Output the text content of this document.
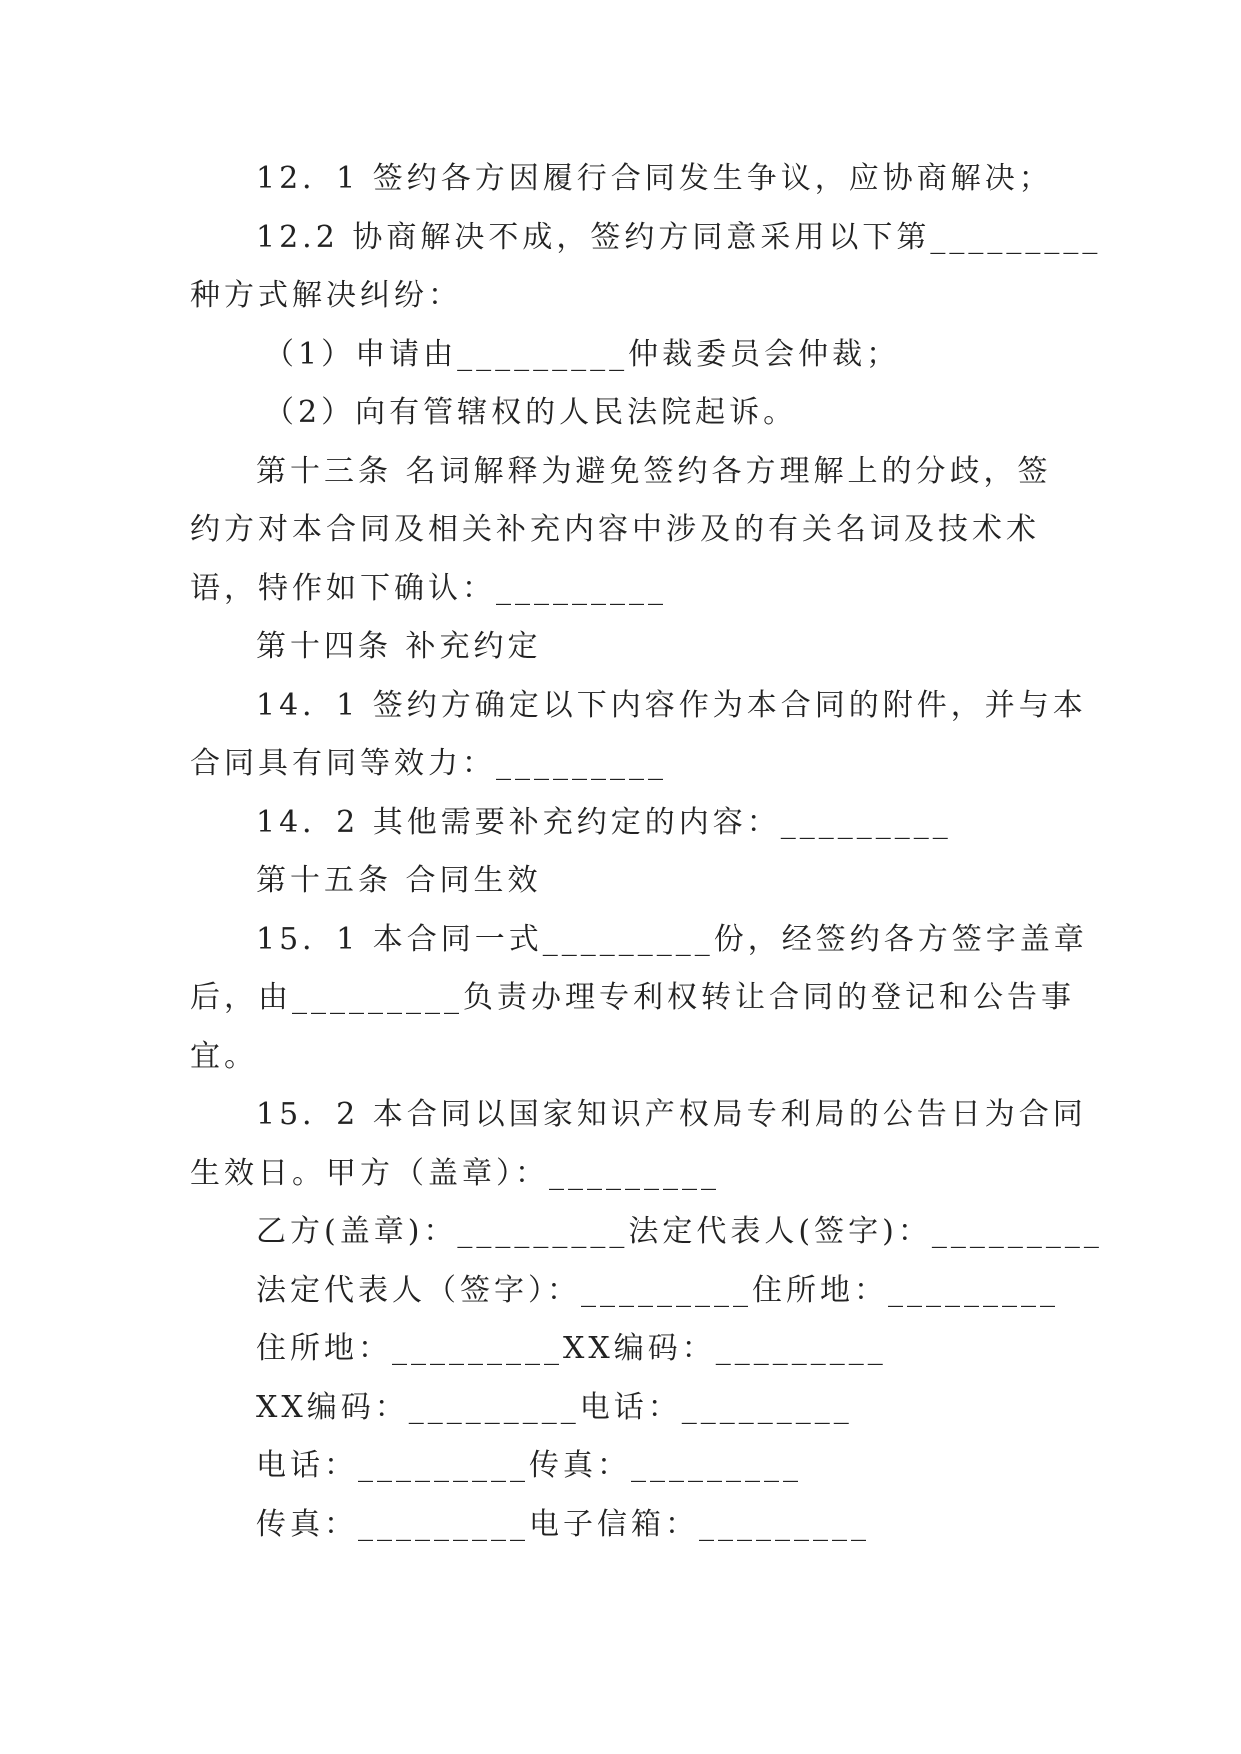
12．1 签约各方因履行合同发生争议，应协商解决；
12.2 协商解决不成，签约方同意采用以下第_________
种方式解决纠纷：
（1）申请由_________仲裁委员会仲裁；
（2）向有管辖权的人民法院起诉。
第十三条 名词解释为避免签约各方理解上的分歧，签
约方对本合同及相关补充内容中涉及的有关名词及技术术
语，特作如下确认：_________
第十四条 补充约定
14．1 签约方确定以下内容作为本合同的附件，并与本
合同具有同等效力：_________
14．2 其他需要补充约定的内容：_________
第十五条 合同生效
15．1 本合同一式_________份，经签约各方签字盖章
后，由_________负责办理专利权转让合同的登记和公告事
宜。
15．2 本合同以国家知识产权局专利局的公告日为合同
生效日。甲方（盖章）：_________
乙方(盖章)：_________法定代表人(签字)：_________
法定代表人（签字）：_________住所地：_________
住所地：_________XX编码：_________
XX编码：_________电话：_________
电话：_________传真：_________
传真：_________电子信箱：_________
